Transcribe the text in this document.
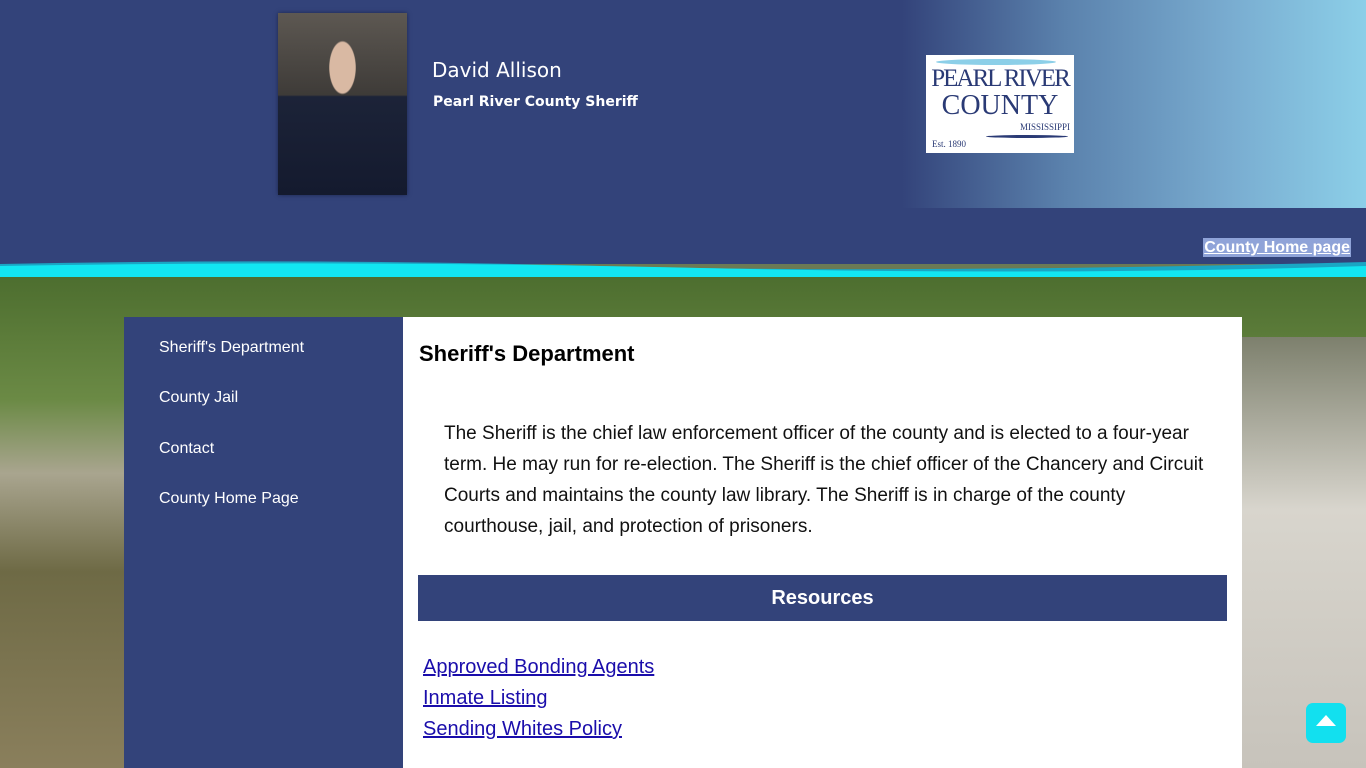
David Allison
Pearl River County Sheriff
PEARL RIVER
COUNTY
MISSISSIPPI
Est. 1890
County Home page
Sheriff's Department
County Jail
Contact
County Home Page
Sheriff's Department

The Sheriff is the chief law enforcement officer of the county and is elected to a four-year term. He may run for re-election. The Sheriff is the chief officer of the Chancery and Circuit Courts and maintains the county law library. The Sheriff is in charge of the county courthouse, jail, and protection of prisoners.

Resources
Approved Bonding Agents
Inmate Listing
Sending Whites Policy
